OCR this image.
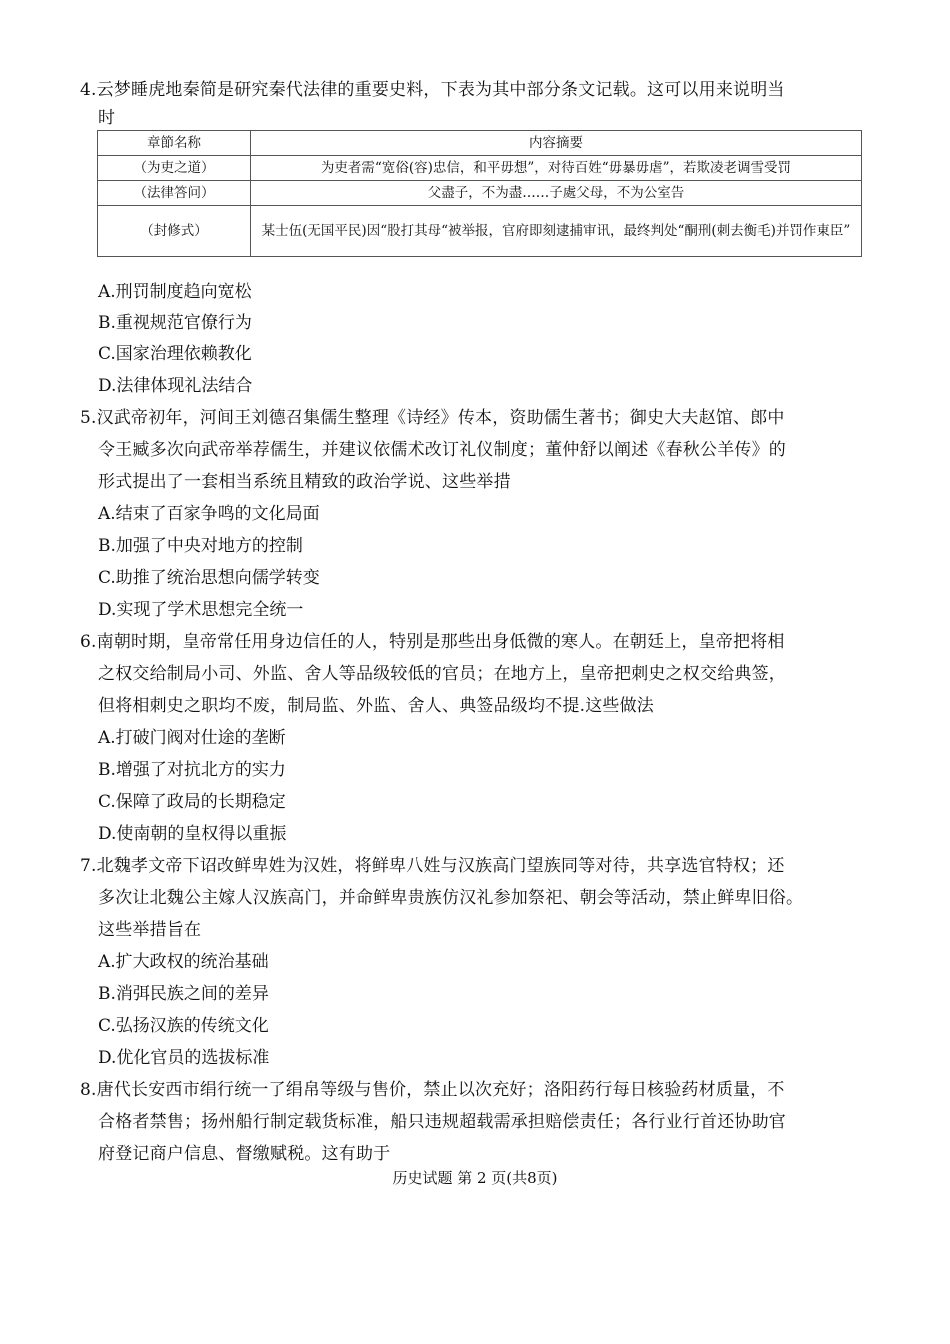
4.云梦睡虎地秦简是研究秦代法律的重要史料，下表为其中部分条文记载。这可以用来说明当
时
章節名称	内容摘要
（为吏之道）	为吏者需“宽俗(容)忠信，和平毋想”，对待百姓“毋暴毋虐”，若欺凌老调雪受罚
（法律答问）	父盡子，不为盡……子處父母，不为公室告
（封修式）	某士伍(无国平民)因“股打其母“被举报，官府即刻逮捕审讯，最终判处“酮刑(刺去衡毛)并罚作東臣”
A.刑罚制度趋向宽松
B.重视规范官僚行为
C.国家治理依赖教化
D.法律体现礼法结合
5.汉武帝初年，河间王刘德召集儒生整理《诗经》传本，资助儒生著书；御史大夫赵馆、郎中
令王臧多次向武帝举荐儒生，并建议依儒术改订礼仪制度；董仲舒以阐述《春秋公羊传》的
形式提出了一套相当系统且精致的政治学说、这些举措
A.结束了百家争鸣的文化局面
B.加强了中央对地方的控制
C.助推了统治思想向儒学转变
D.实现了学术思想完全统一
6.南朝时期，皇帝常任用身边信任的人，特别是那些出身低微的寒人。在朝廷上，皇帝把将相
之权交给制局小司、外监、舍人等品级较低的官员；在地方上，皇帝把刺史之权交给典签，
但将相刺史之职均不废，制局监、外监、舍人、典签品级均不提.这些做法
A.打破门阀对仕途的垄断
B.增强了对抗北方的实力
C.保障了政局的长期稳定
D.使南朝的皇权得以重振
7.北魏孝文帝下诏改鲜卑姓为汉姓，将鲜卑八姓与汉族高门望族同等对待，共享选官特权；还
多次让北魏公主嫁人汉族高门，并命鲜卑贵族仿汉礼参加祭祀、朝会等活动，禁止鲜卑旧俗。
这些举措旨在
A.扩大政权的统治基础
B.消弭民族之间的差异
C.弘扬汉族的传统文化
D.优化官员的选拔标准
8.唐代长安西市绢行统一了绢帛等级与售价，禁止以次充好；洛阳药行每日核验药材质量，不
合格者禁售；扬州船行制定载货标准，船只违规超载需承担赔偿责任；各行业行首还协助官
府登记商户信息、督缴赋税。这有助于
历史试题 第 2 页(共8页)
